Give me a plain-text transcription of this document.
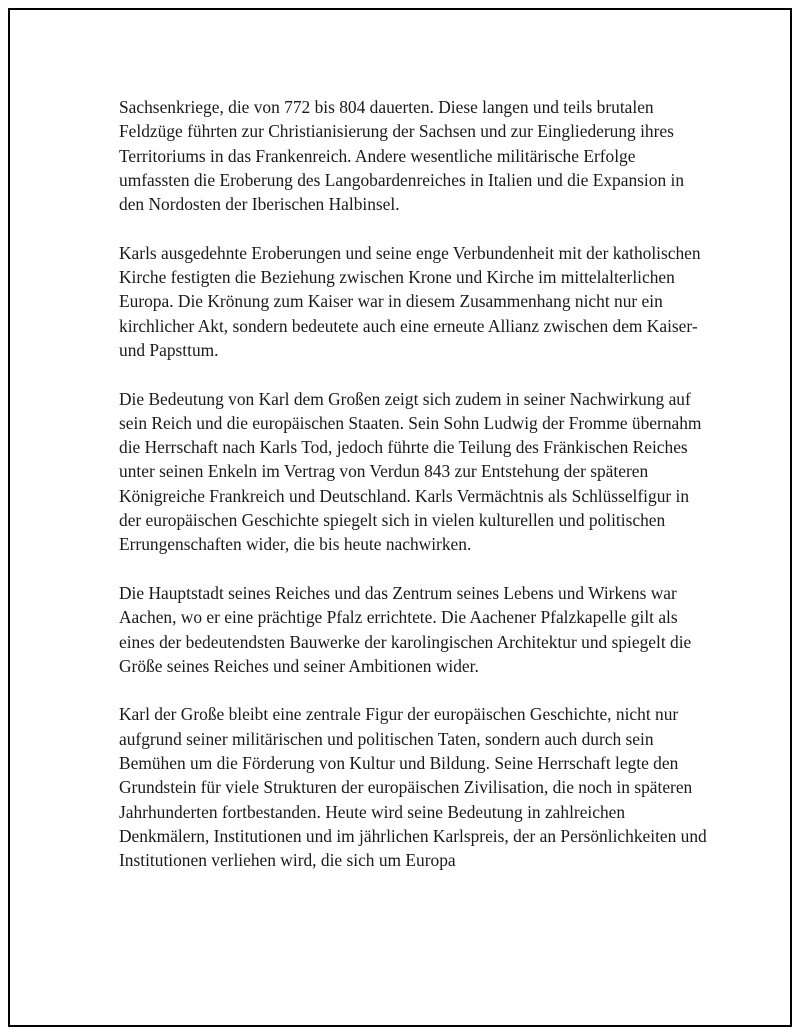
Sachsenkriege, die von 772 bis 804 dauerten. Diese langen und teils brutalen Feldzüge führten zur Christianisierung der Sachsen und zur Eingliederung ihres Territoriums in das Frankenreich. Andere wesentliche militärische Erfolge umfassten die Eroberung des Langobardenreiches in Italien und die Expansion in den Nordosten der Iberischen Halbinsel.

Karls ausgedehnte Eroberungen und seine enge Verbundenheit mit der katholischen Kirche festigten die Beziehung zwischen Krone und Kirche im mittelalterlichen Europa. Die Krönung zum Kaiser war in diesem Zusammenhang nicht nur ein kirchlicher Akt, sondern bedeutete auch eine erneute Allianz zwischen dem Kaiser- und Papsttum.

Die Bedeutung von Karl dem Großen zeigt sich zudem in seiner Nachwirkung auf sein Reich und die europäischen Staaten. Sein Sohn Ludwig der Fromme übernahm die Herrschaft nach Karls Tod, jedoch führte die Teilung des Fränkischen Reiches unter seinen Enkeln im Vertrag von Verdun 843 zur Entstehung der späteren Königreiche Frankreich und Deutschland. Karls Vermächtnis als Schlüsselfigur in der europäischen Geschichte spiegelt sich in vielen kulturellen und politischen Errungenschaften wider, die bis heute nachwirken.

Die Hauptstadt seines Reiches und das Zentrum seines Lebens und Wirkens war Aachen, wo er eine prächtige Pfalz errichtete. Die Aachener Pfalzkapelle gilt als eines der bedeutendsten Bauwerke der karolingischen Architektur und spiegelt die Größe seines Reiches und seiner Ambitionen wider.

Karl der Große bleibt eine zentrale Figur der europäischen Geschichte, nicht nur aufgrund seiner militärischen und politischen Taten, sondern auch durch sein Bemühen um die Förderung von Kultur und Bildung. Seine Herrschaft legte den Grundstein für viele Strukturen der europäischen Zivilisation, die noch in späteren Jahrhunderten fortbestanden. Heute wird seine Bedeutung in zahlreichen Denkmälern, Institutionen und im jährlichen Karlspreis, der an Persönlichkeiten und Institutionen verliehen wird, die sich um Europa
